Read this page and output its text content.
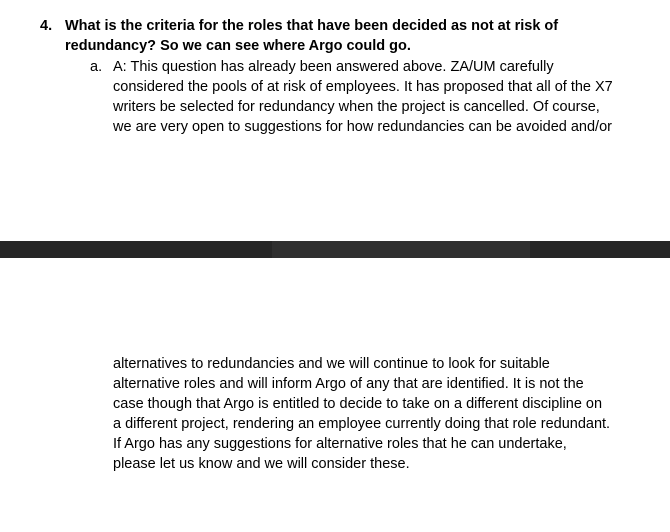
4. What is the criteria for the roles that have been decided as not at risk of redundancy? So we can see where Argo could go.
a. A: This question has already been answered above. ZA/UM carefully
considered the pools of at risk of employees. It has proposed that all of the X7
writers be selected for redundancy when the project is cancelled. Of course,
we are very open to suggestions for how redundancies can be avoided and/or
alternatives to redundancies and we will continue to look for suitable
alternative roles and will inform Argo of any that are identified. It is not the
case though that Argo is entitled to decide to take on a different discipline on
a different project, rendering an employee currently doing that role redundant.
If Argo has any suggestions for alternative roles that he can undertake,
please let us know and we will consider these.
